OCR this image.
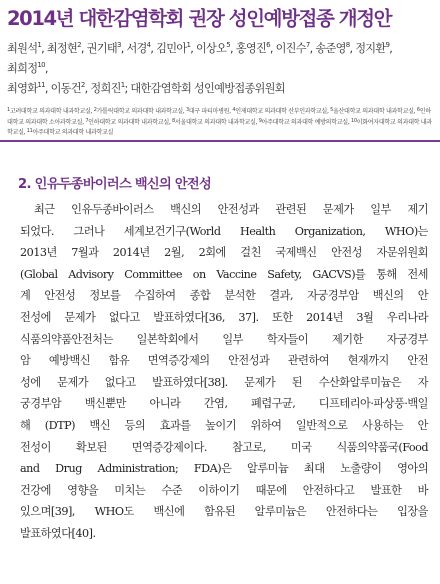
2014년 대한감염학회 권장 성인예방접종 개정안
최원석$^1$, 최정현$^2$, 권기태$^3$, 서경$^4$, 김민아$^1$, 이상오$^5$, 홍영진$^6$, 이진수$^7$, 송준영$^8$, 정지환$^9$, 최희정$^{10}$,
최영화$^{11}$, 이동건$^2$, 정희진$^1$; 대한감염학회 성인예방접종위원회
$^1$고려대학교 의과대학 내과학교실, $^2$가톨릭대학교 의과대학 내과학교실, $^3$대구 파티마병원, $^4$인제대학교 의과대학 산부인과학교실, $^5$울산대학교 의과대학 내과학교실, $^6$인하대학교 의과대학 소아과학교실, $^7$인하대학교 의과대학 내과학교실, $^8$서울대학교 의과대학 내과학교실, $^9$아주대학교 의과대학 예방의학교실, $^{10}$이화여자대학교 의과대학 내과학교실, $^{11}$아주대학교 의과대학 내과학교실
2. 인유두종바이러스 백신의 안전성

최근 인유두종바이러스 백신의 안전성과 관련된 문제가 일부 제기
되었다. 그러나 세계보건기구(World Health Organization, WHO)는
2013년 7월과 2014년 2월, 2회에 걸친 국제백신 안전성 자문위원회
(Global Advisory Committee on Vaccine Safety, GACVS)를 통해 전세
계 안전성 정보를 수집하여 종합 분석한 결과, 자궁경부암 백신의 안
전성에 문제가 없다고 발표하였다[36, 37]. 또한 2014년 3월 우리나라
식품의약품안전처는 일본학회에서 일부 학자들이 제기한 자궁경부
암 예방백신 함유 면역증강제의 안전성과 관련하여 현재까지 안전
성에 문제가 없다고 발표하였다[38]. 문제가 된 수산화알루미늄은 자
궁경부암 백신뿐만 아니라 간염, 폐렴구균, 디프테리아·파상풍·백일
해 (DTP) 백신 등의 효과를 높이기 위하여 일반적으로 사용하는 안
전성이 확보된 면역증강제이다. 참고로, 미국 식품의약품국(Food
and Drug Administration; FDA)은 알루미늄 최대 노출량이 영아의
건강에 영향을 미치는 수준 이하이기 때문에 안전하다고 발표한 바
있으며[39], WHO도 백신에 함유된 알루미늄은 안전하다는 입장을
발표하였다[40].
